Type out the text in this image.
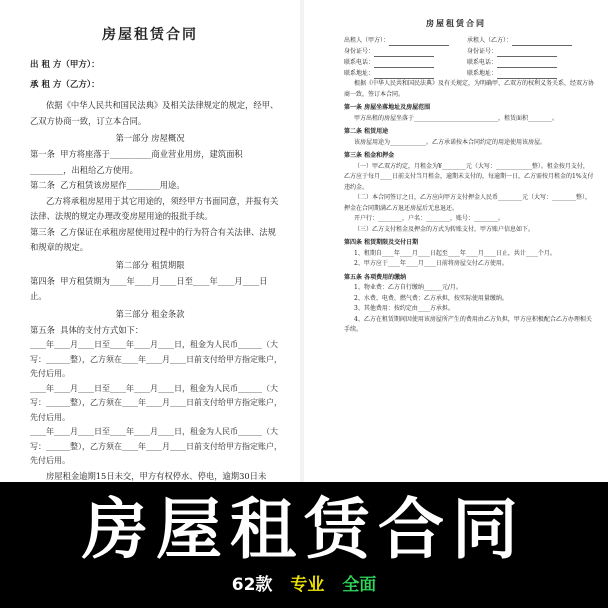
房屋租赁合同
出 租 方（甲方）：
承 租 方（乙方）：
依据《中华人民共和国民法典》及相关法律规定的规定，经甲、乙双方协商一致，订立本合同。
第一部分 房屋概况
第一条  甲方将座落于__________商业营业用房，建筑面积________，出租给乙方使用。
第二条  乙方租赁该房屋作________用途。
乙方将承租房屋用于其它用途的，须经甲方书面同意，并报有关法律、法规的规定办理改变房屋用途的报批手续。
第三条  乙方保证在承租房屋使用过程中的行为符合有关法律、法规和规章的规定。
第二部分 租赁期限
第四条  甲方租赁期为____年____月____日至____年____月____日止。
第三部分 租金条款
第五条  具体的支付方式如下：
____年____月____日至____年____月____日，租金为人民币______（大写：______整），乙方须在____年____月____日前支付给甲方指定账户，先付后用。
____年____月____日至____年____月____日，租金为人民币______（大写：______整），乙方须在____年____月____日前支付给甲方指定账户，先付后用。
____年____月____日至____年____月____日，租金为人民币______（大写：______整），乙方须在____年____月____日前支付给甲方指定账户，先付后用。
房屋租金逾期15日未交，甲方有权停水、停电，逾期30日未
房屋租赁合同
出租人（甲方）：
身份证号：
联系电话：
联系地址：
承租人（乙方）：
身份证号：
联系电话：
联系地址：
根据《中华人民共和国民法典》及有关规定，为明确甲、乙双方的权利义务关系，经双方协商一致，签订本合同。
第一条 房屋坐落地址及房屋范围
甲方出租的房屋坐落于____________________________，租赁面积________。
第二条 租赁用途
该房屋用途为____________。乙方承诺按本合同约定的用途使用该房屋。
第三条 租金和押金
（一）甲乙双方约定，月租金为¥________元（大写：____________整）。租金按月支付，乙方应于每月____日前支付当月租金，逾期未支付的，每逾期一日，乙方需按月租金的1%支付违约金。
（二）本合同签订之日，乙方应向甲方支付押金人民币________元（大写：________整），押金在合同期满乙方退还房屋后无息退还。
开户行：________，户名：________，账号：________。
（三）乙方支付租金及押金的方式为转账支付，甲方账户信息如下。
第四条 租赁期限及交付日期
1、租期自____年____月____日起至____年____月____日止，共计____个月。
2、甲方应于____年____月____日前将房屋交付乙方使用。
第五条 各项费用的缴纳
1、物业费：乙方自行缴纳______元/月。
2、水费、电费、燃气费：乙方承担，按实际使用量缴纳。
3、其他费用：按约定由____方承担。
4、乙方在租赁期间因使用该房屋所产生的费用由乙方负担，甲方应积极配合乙方办理相关手续。
房屋租赁合同
62款 专业 全面
